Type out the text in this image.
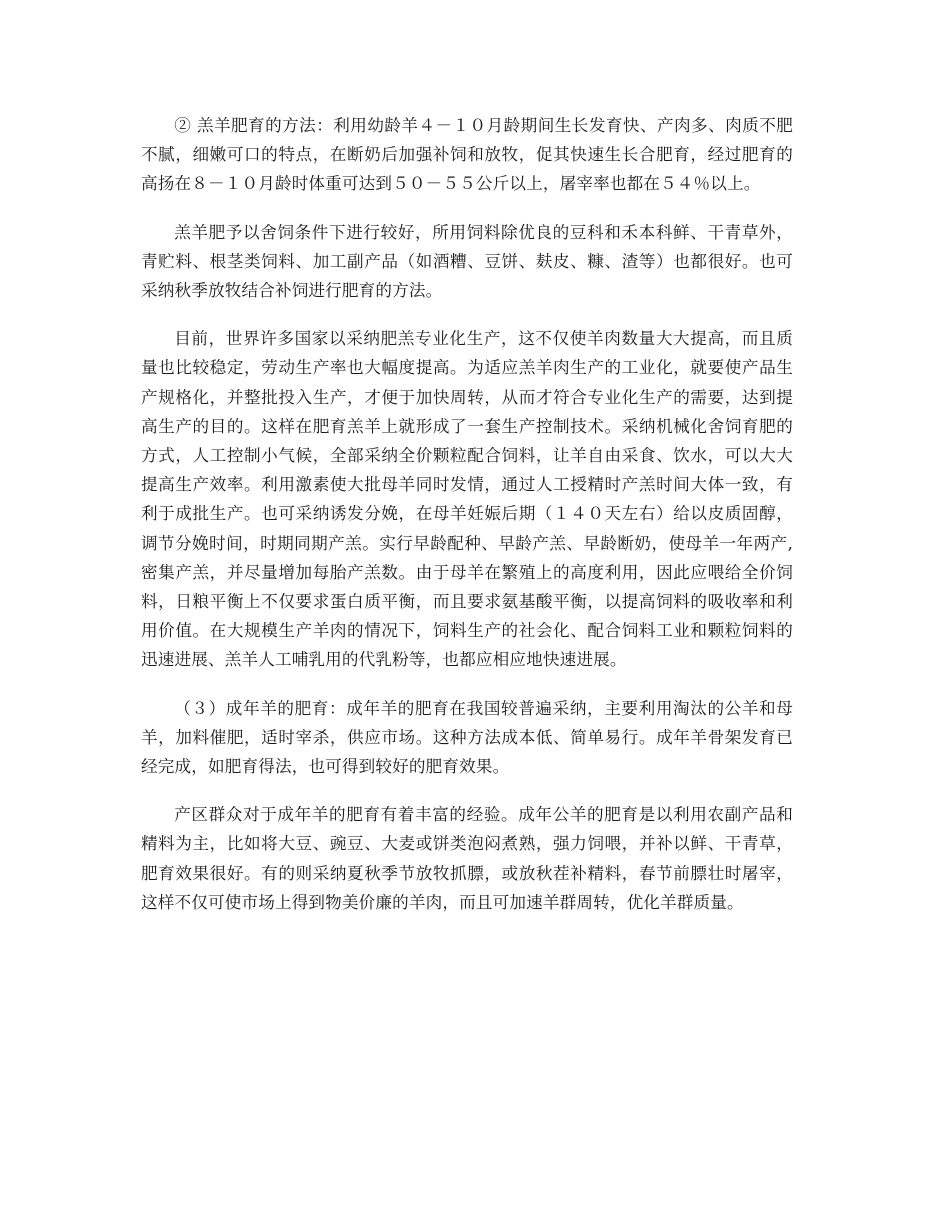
② 羔羊肥育的方法：利用幼龄羊４－１０月龄期间生长发育快、产肉多、肉质不肥不腻，细嫩可口的特点，在断奶后加强补饲和放牧，促其快速生长合肥育，经过肥育的高扬在８－１０月龄时体重可达到５０－５５公斤以上，屠宰率也都在５４％以上。

羔羊肥予以舍饲条件下进行较好，所用饲料除优良的豆科和禾本科鲜、干青草外，青贮料、根茎类饲料、加工副产品（如酒糟、豆饼、麸皮、糠、渣等）也都很好。也可采纳秋季放牧结合补饲进行肥育的方法。

目前，世界许多国家以采纳肥羔专业化生产，这不仅使羊肉数量大大提高，而且质量也比较稳定，劳动生产率也大幅度提高。为适应羔羊肉生产的工业化，就要使产品生产规格化，并整批投入生产，才便于加快周转，从而才符合专业化生产的需要，达到提高生产的目的。这样在肥育羔羊上就形成了一套生产控制技术。采纳机械化舍饲育肥的方式，人工控制小气候，全部采纳全价颗粒配合饲料，让羊自由采食、饮水，可以大大提高生产效率。利用激素使大批母羊同时发情，通过人工授精时产羔时间大体一致，有利于成批生产。也可采纳诱发分娩，在母羊妊娠后期（１４０天左右）给以皮质固醇，调节分娩时间，时期同期产羔。实行早龄配种、早龄产羔、早龄断奶，使母羊一年两产,密集产羔，并尽量增加每胎产羔数。由于母羊在繁殖上的高度利用，因此应喂给全价饲料，日粮平衡上不仅要求蛋白质平衡，而且要求氨基酸平衡，以提高饲料的吸收率和利用价值。在大规模生产羊肉的情况下，饲料生产的社会化、配合饲料工业和颗粒饲料的迅速进展、羔羊人工哺乳用的代乳粉等，也都应相应地快速进展。

（３）成年羊的肥育：成年羊的肥育在我国较普遍采纳，主要利用淘汰的公羊和母羊，加料催肥，适时宰杀，供应市场。这种方法成本低、简单易行。成年羊骨架发育已经完成，如肥育得法，也可得到较好的肥育效果。

产区群众对于成年羊的肥育有着丰富的经验。成年公羊的肥育是以利用农副产品和精料为主，比如将大豆、豌豆、大麦或饼类泡闷煮熟，强力饲喂，并补以鲜、干青草，肥育效果很好。有的则采纳夏秋季节放牧抓膘，或放秋茬补精料，春节前膘壮时屠宰，这样不仅可使市场上得到物美价廉的羊肉，而且可加速羊群周转，优化羊群质量。
